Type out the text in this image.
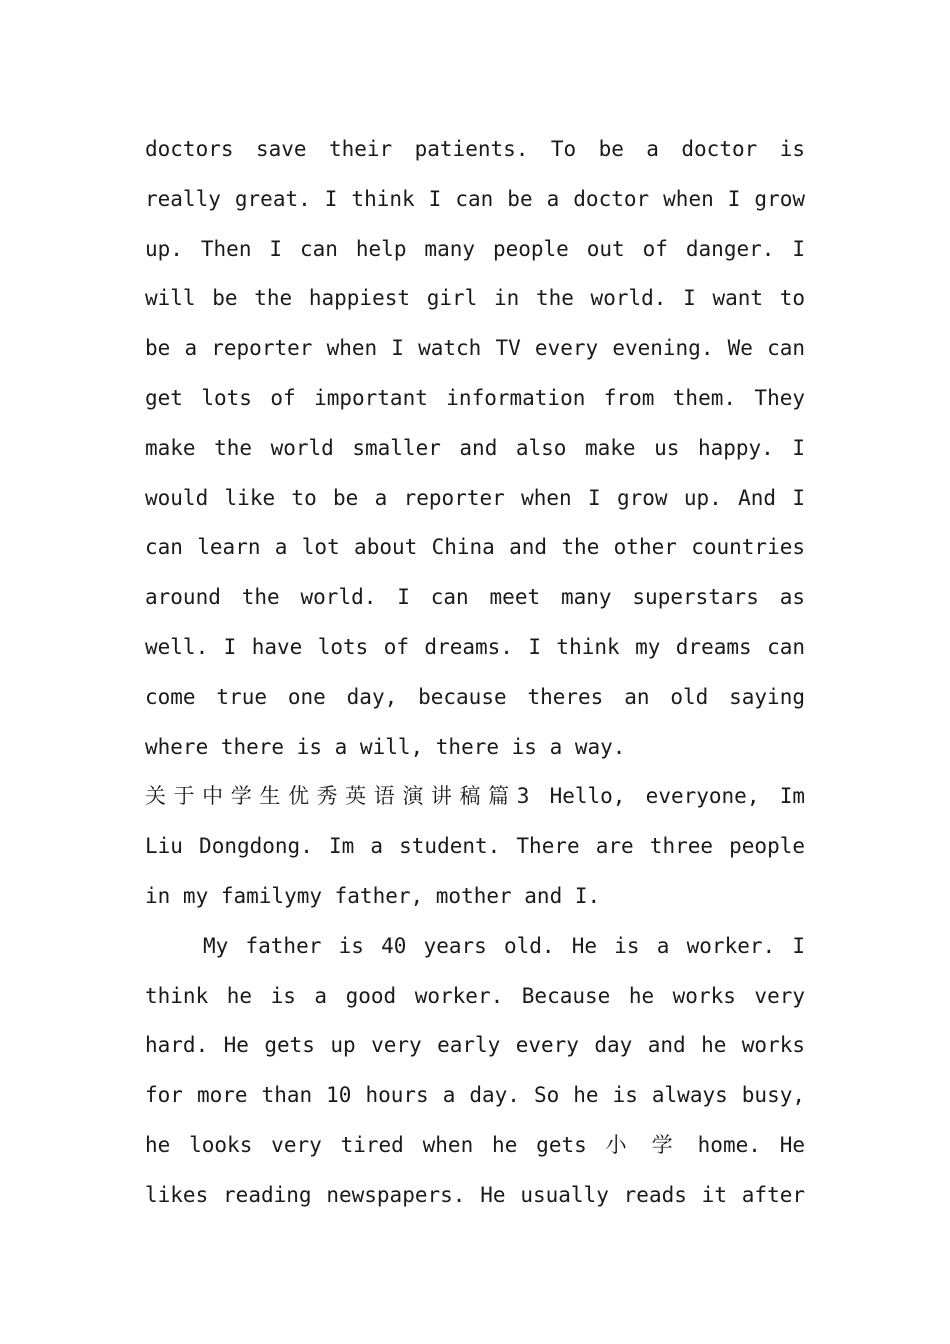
doctors save their patients. To be a doctor is
really great. I think I can be a doctor when I grow
up. Then I can help many people out of danger. I
will be the happiest girl in the world. I want to
be a reporter when I watch TV every evening. We can
get lots of important information from them. They
make the world smaller and also make us happy. I
would like to be a reporter when I grow up. And I
can learn a lot about China and the other countries
around the world. I can meet many superstars as
well. I have lots of dreams. I think my dreams can
come true one day, because theres an old saying
where there is a will, there is a way.
关于中学生优秀英语演讲稿篇3 Hello, everyone, Im
Liu Dongdong. Im a student. There are three people
in my familymy father, mother and I.
My father is 40 years old. He is a worker. I
think he is a good worker. Because he works very
hard. He gets up very early every day and he works
for more than 10 hours a day. So he is always busy,
he looks very tired when he gets 小 学 home. He
likes reading newspapers. He usually reads it after
